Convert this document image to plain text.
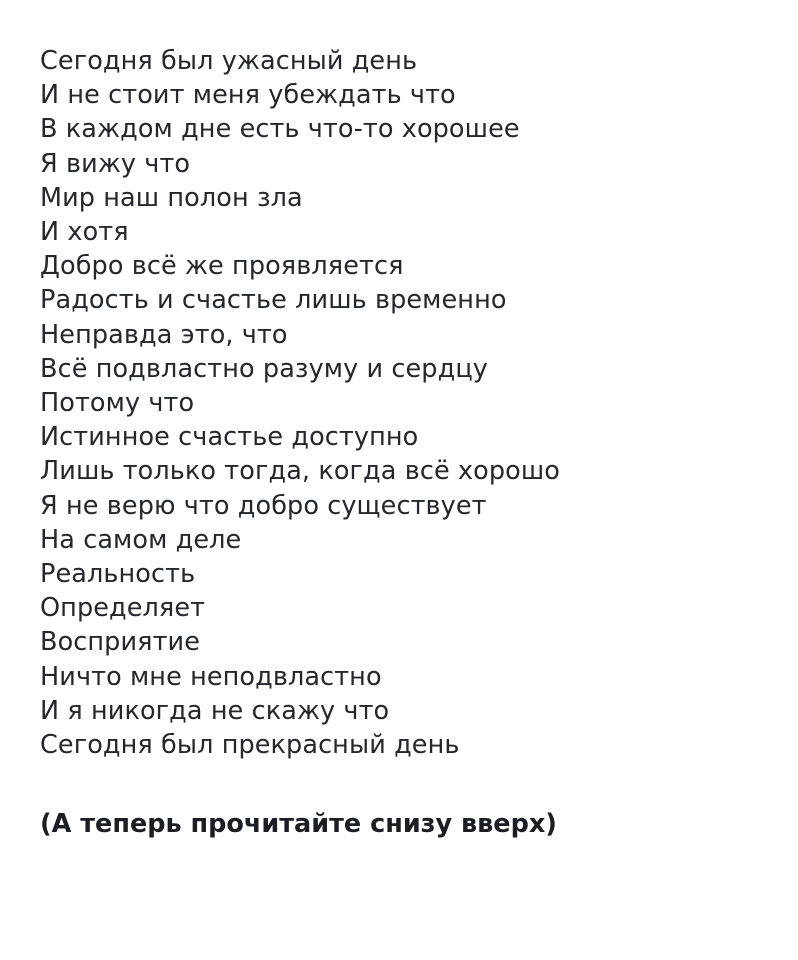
Сегодня был ужасный день
И не стоит меня убеждать что
В каждом дне есть что-то хорошее
Я вижу что
Мир наш полон зла
И хотя
Добро всё же проявляется
Радость и счастье лишь временно
Неправда это, что
Всё подвластно разуму и сердцу
Потому что
Истинное счастье доступно
Лишь только тогда, когда всё хорошо
Я не верю что добро существует
На самом деле
Реальность
Определяет
Восприятие
Ничто мне неподвластно
И я никогда не скажу что
Сегодня был прекрасный день
(А теперь прочитайте снизу вверх)
